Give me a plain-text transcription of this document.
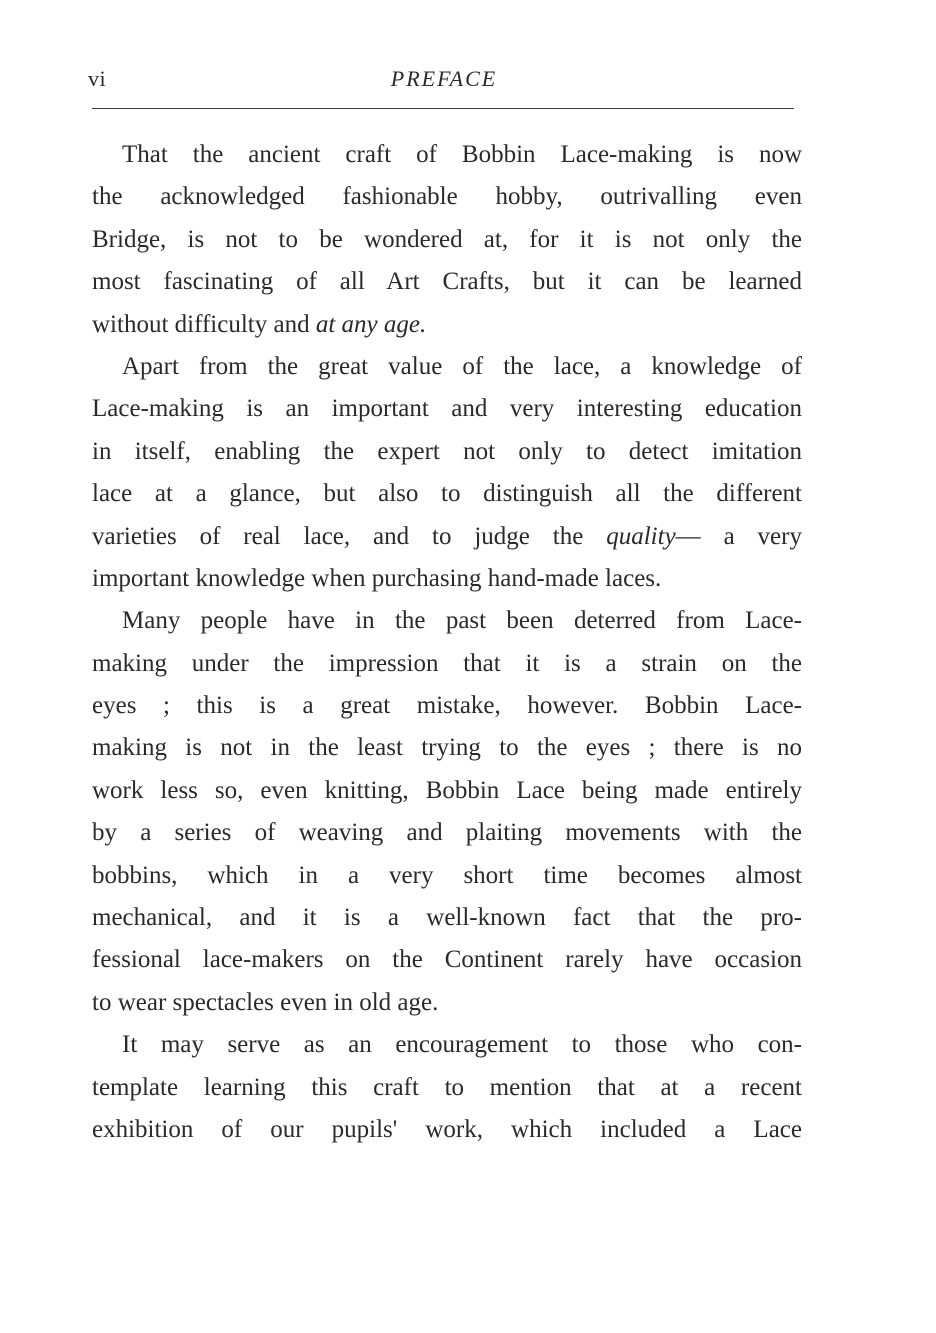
vi	PREFACE
That the ancient craft of Bobbin Lace-making is now
the acknowledged fashionable hobby, outrivalling even
Bridge, is not to be wondered at, for it is not only the
most fascinating of all Art Crafts, but it can be learned
without difficulty and at any age.
Apart from the great value of the lace, a knowledge of
Lace-making is an important and very interesting education
in itself, enabling the expert not only to detect imitation
lace at a glance, but also to distinguish all the different
varieties of real lace, and to judge the quality— a very
important knowledge when purchasing hand-made laces.
Many people have in the past been deterred from Lace-
making under the impression that it is a strain on the
eyes ; this is a great mistake, however. Bobbin Lace-
making is not in the least trying to the eyes ; there is no
work less so, even knitting, Bobbin Lace being made entirely
by a series of weaving and plaiting movements with the
bobbins, which in a very short time becomes almost
mechanical, and it is a well-known fact that the pro-
fessional lace-makers on the Continent rarely have occasion
to wear spectacles even in old age.
It may serve as an encouragement to those who con-
template learning this craft to mention that at a recent
exhibition of our pupils' work, which included a Lace
